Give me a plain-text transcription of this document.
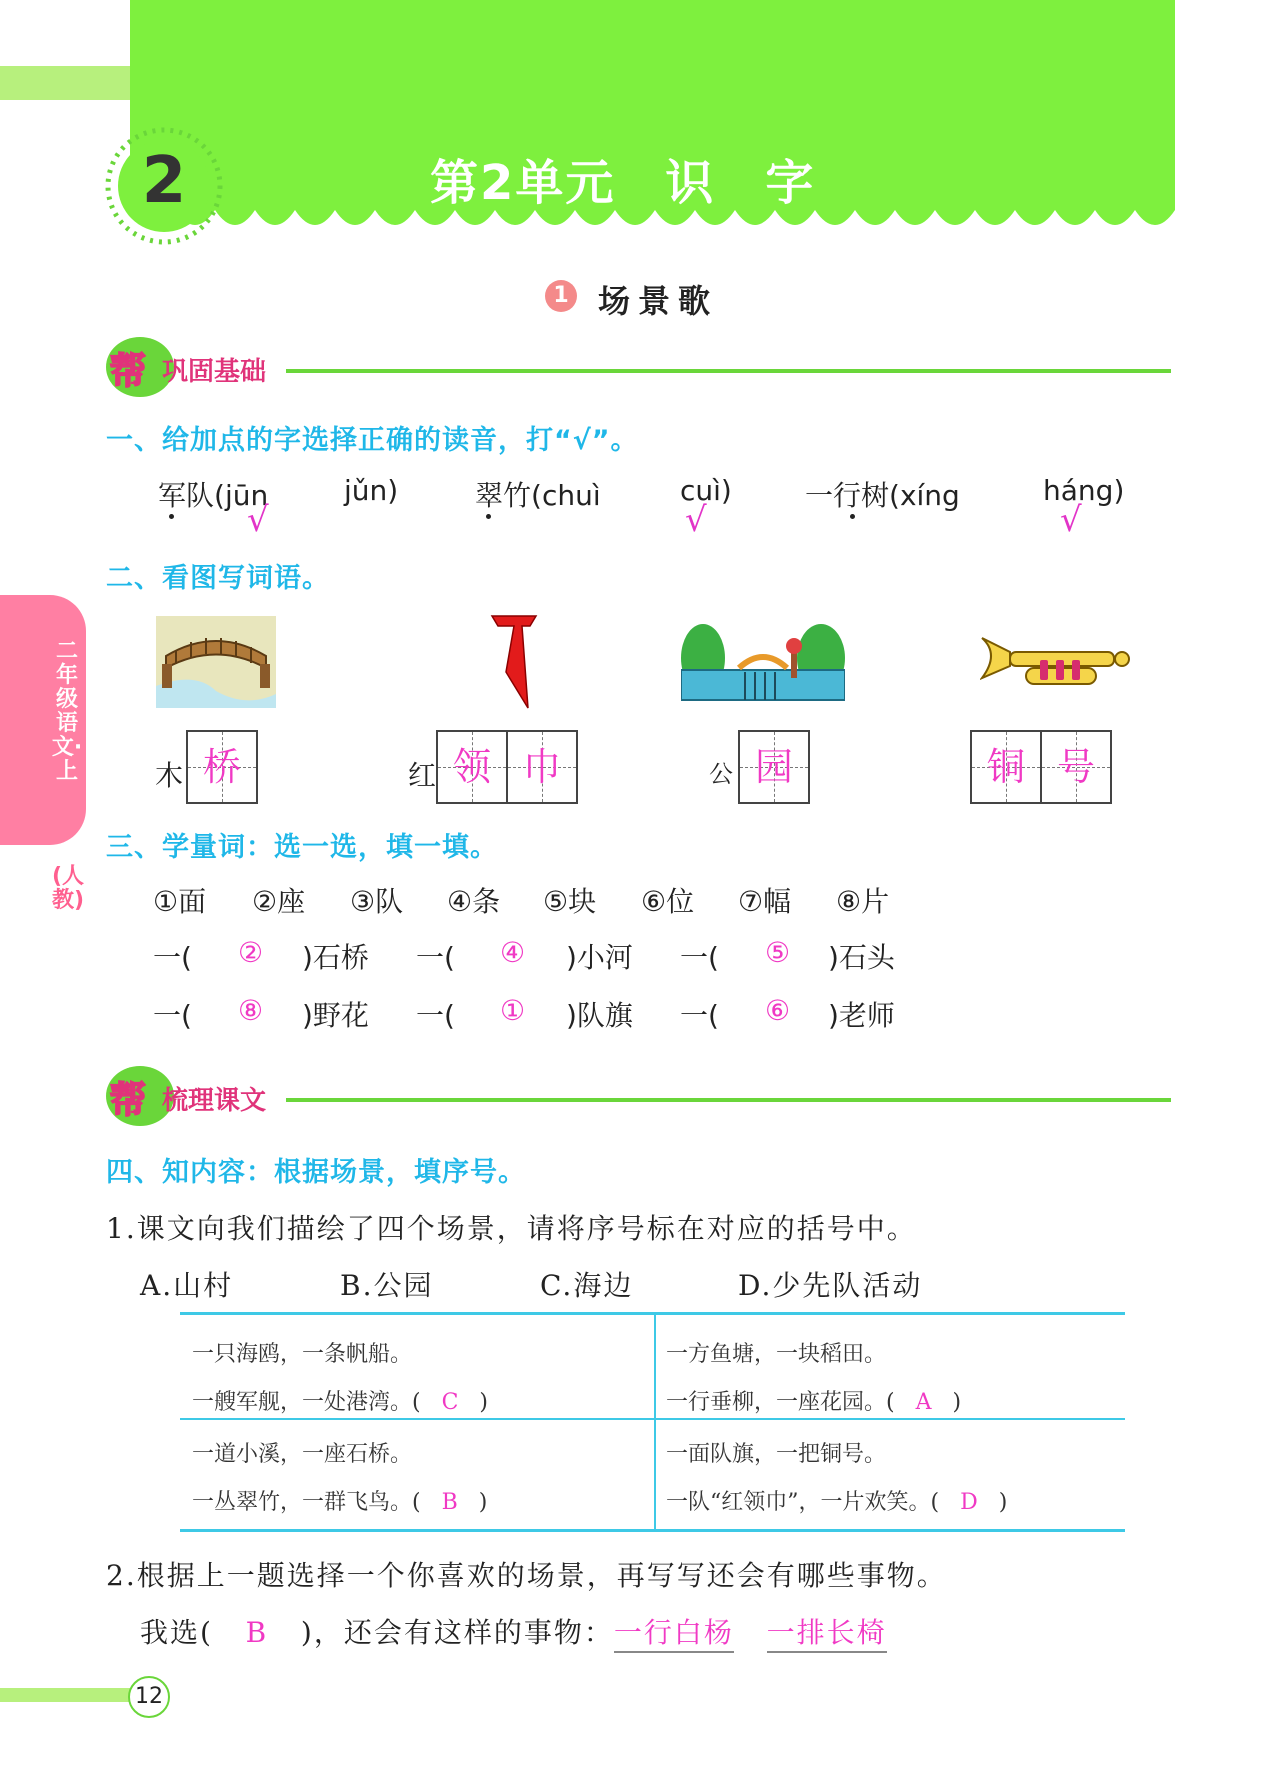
第2单元　识　字
2
1 场景歌
帮 巩固基础
一、给加点的字选择正确的读音，打“√”。
军队(jūn	jǔn)
√
翠竹(chuì	cuì)
√
一行树(xíng	háng)
√
二、看图写词语。
木 桥	红 领 巾	公 园	铜 号
三、学量词：选一选，填一填。
①面 ②座 ③队 ④条 ⑤块 ⑥位 ⑦幅 ⑧片
一( ② )石桥 一( ④ )小河 一( ⑤ )石头
一( ⑧ )野花 一( ① )队旗 一( ⑥ )老师
帮 梳理课文
四、知内容：根据场景，填序号。
1.课文向我们描绘了四个场景，请将序号标在对应的括号中。
A.山村	B.公园	C.海边	D.少先队活动
一只海鸥，一条帆船。
一艘军舰，一处港湾。( C )
一方鱼塘，一块稻田。
一行垂柳，一座花园。( A )
一道小溪，一座石桥。
一丛翠竹，一群飞鸟。( B )
一面队旗，一把铜号。
一队“红领巾”，一片欢笑。( D )
2.根据上一题选择一个你喜欢的场景，再写写还会有哪些事物。
我选( B )，还会有这样的事物：一行白杨 一排长椅
二年级语文·上
(人教)
12
